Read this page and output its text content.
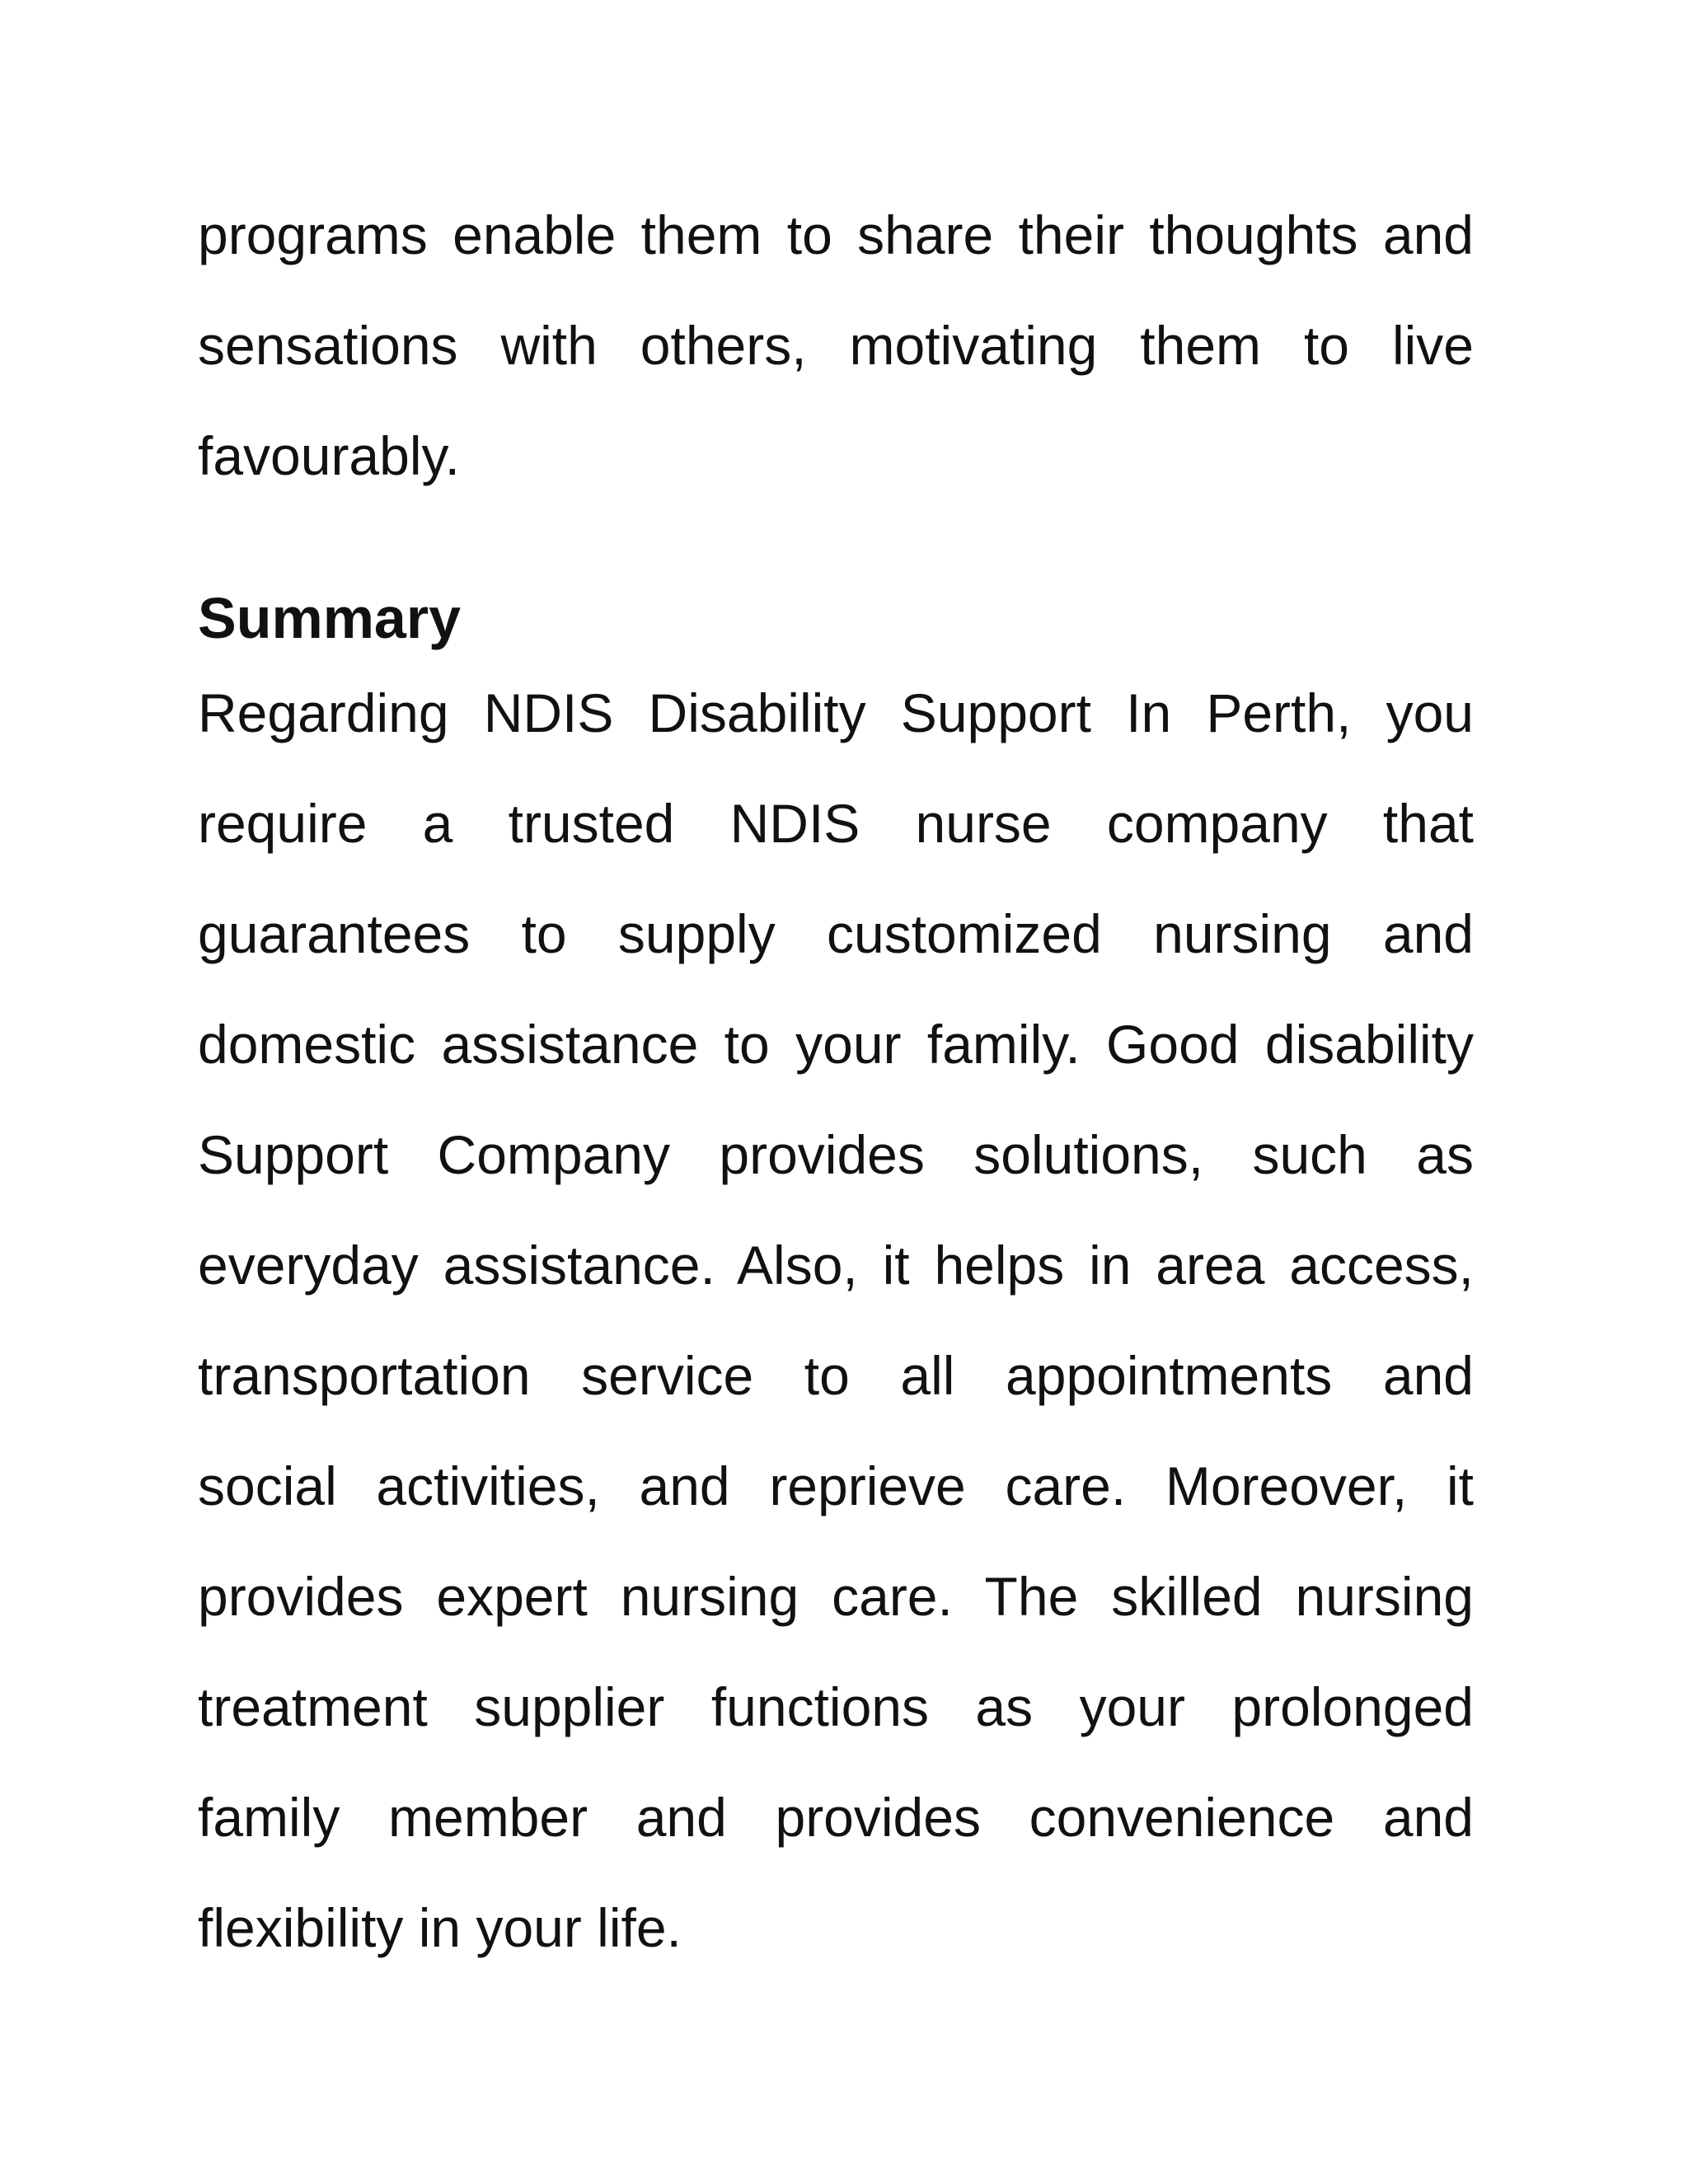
programs enable them to share their thoughts and
sensations with others, motivating them to live
favourably.
Summary
Regarding NDIS Disability Support In Perth, you
require a trusted NDIS nurse company that
guarantees to supply customized nursing and
domestic assistance to your family. Good disability
Support Company provides solutions, such as
everyday assistance. Also, it helps in area access,
transportation service to all appointments and
social activities, and reprieve care. Moreover, it
provides expert nursing care. The skilled nursing
treatment supplier functions as your prolonged
family member and provides convenience and
flexibility in your life.
